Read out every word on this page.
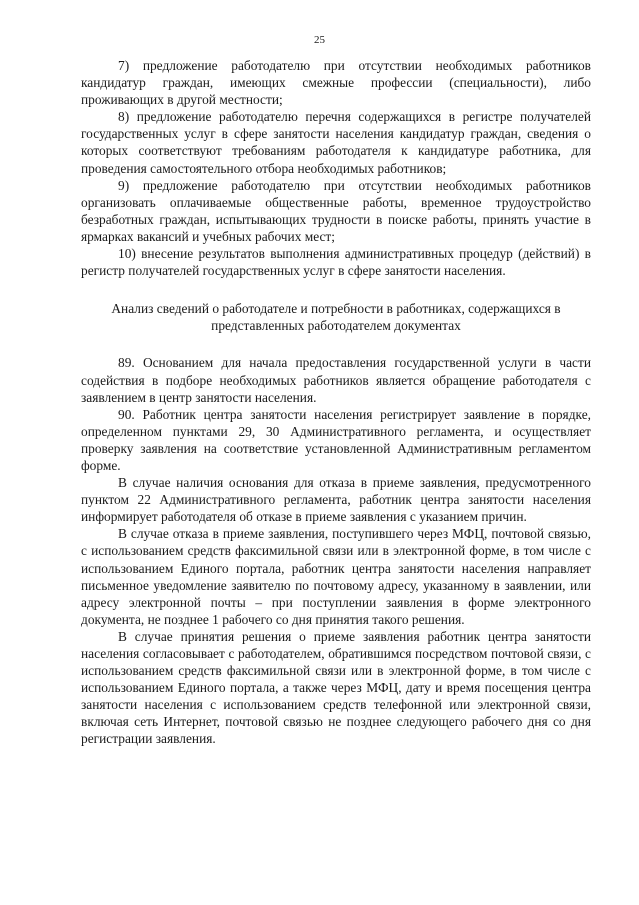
25

7) предложение работодателю при отсутствии необходимых работников кандидатур граждан, имеющих смежные профессии (специальности), либо проживающих в другой местности;

8) предложение работодателю перечня содержащихся в регистре получателей государственных услуг в сфере занятости населения кандидатур граждан, сведения о которых соответствуют требованиям работодателя к кандидатуре работника, для проведения самостоятельного отбора необходимых работников;

9) предложение работодателю при отсутствии необходимых работников организовать оплачиваемые общественные работы, временное трудоустройство безработных граждан, испытывающих трудности в поиске работы, принять участие в ярмарках вакансий и учебных рабочих мест;

10) внесение результатов выполнения административных процедур (действий) в регистр получателей государственных услуг в сфере занятости населения.

Анализ сведений о работодателе и потребности в работниках, содержащихся в представленных работодателем документах

89. Основанием для начала предоставления государственной услуги в части содействия в подборе необходимых работников является обращение работодателя с заявлением в центр занятости населения.

90. Работник центра занятости населения регистрирует заявление в порядке, определенном пунктами 29, 30 Административного регламента, и осуществляет проверку заявления на соответствие установленной Административным регламентом форме.

В случае наличия основания для отказа в приеме заявления, предусмотренного пунктом 22 Административного регламента, работник центра занятости населения информирует работодателя об отказе в приеме заявления с указанием причин.

В случае отказа в приеме заявления, поступившего через МФЦ, почтовой связью, с использованием средств факсимильной связи или в электронной форме, в том числе с использованием Единого портала, работник центра занятости населения направляет письменное уведомление заявителю по почтовому адресу, указанному в заявлении, или адресу электронной почты – при поступлении заявления в форме электронного документа, не позднее 1 рабочего со дня принятия такого решения.

В случае принятия решения о приеме заявления работник центра занятости населения согласовывает с работодателем, обратившимся посредством почтовой связи, с использованием средств факсимильной связи или в электронной форме, в том числе с использованием Единого портала, а также через МФЦ, дату и время посещения центра занятости населения с использованием средств телефонной или электронной связи, включая сеть Интернет, почтовой связью не позднее следующего рабочего дня со дня регистрации заявления.
